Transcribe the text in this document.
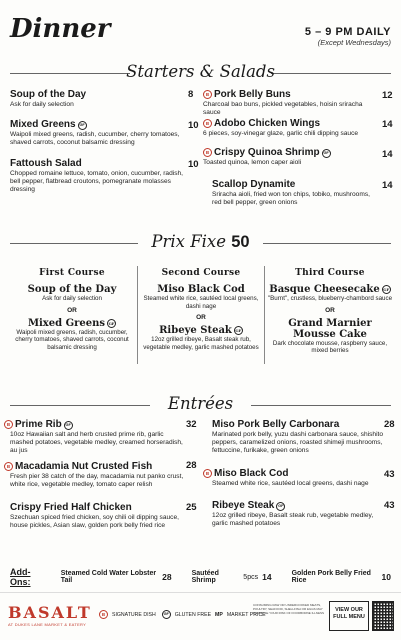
Dinner	5 – 9 PM DAILY
(Except Wednesdays)
Starters & Salads
Soup of the Day
Ask for daily selection
8
Mixed Greens GF
Waipoli mixed greens, radish, cucumber, cherry tomatoes, shaved carrots, coconut balsamic dressing
10
Fattoush Salad
Chopped romaine lettuce, tomato, onion, cucumber, radish, bell pepper, flatbread croutons, pomegranate molasses dressing
10
B Pork Belly Buns
Charcoal bao buns, pickled vegetables, hoisin sriracha sauce
12
B Adobo Chicken Wings
6 pieces, soy-vinegar glaze, garlic chili dipping sauce
14
B Crispy Quinoa Shrimp GF
Toasted quinoa, lemon caper aioli
14
Scallop Dynamite
Sriracha aioli, fried won ton chips, tobiko, mushrooms, red bell pepper, green onions
14
Prix Fixe 50
First Course
Soup of the Day
Ask for daily selection
OR
Mixed Greens GF
Waipoli mixed greens, radish, cucumber, cherry tomatoes, shaved carrots, coconut balsamic dressing
Second Course
Miso Black Cod
Steamed white rice, sautéed local greens, dashi nage
OR
Ribeye Steak GF
12oz grilled ribeye, Basalt steak rub, vegetable medley, garlic mashed potatoes
Third Course
Basque Cheesecake GF
"Burnt", crustless, blueberry-chambord sauce
OR
Grand Marnier Mousse Cake
Dark chocolate mousse, raspberry sauce, mixed berries
Entrées
B Prime Rib GF
10oz Hawaiian salt and herb crusted prime rib, garlic mashed potatoes, vegetable medley, creamed horseradish, au jus
32
B Macadamia Nut Crusted Fish
Fresh pier 38 catch of the day, macadamia nut panko crust, white rice, vegetable medley, tomato caper relish
28
Crispy Fried Half Chicken
Szechuan spiced fried chicken, soy chili oil dipping sauce, house pickles, Asian slaw, golden pork belly fried rice
25
Miso Pork Belly Carbonara
Marinated pork belly, yuzu dashi carbonara sauce, shishito peppers, caramelized onions, roasted shimeji mushrooms, fettuccine, furikake, green onions
28
B Miso Black Cod
Steamed white rice, sautéed local greens, dashi nage
43
Ribeye Steak GF
12oz grilled ribeye, Basalt steak rub, vegetable medley, garlic mashed potatoes
43
Add-Ons:
Steamed Cold Water Lobster Tail	28	Sautéed Shrimp	5pcs 14	Golden Pork Belly Fried Rice	10
BASALT
AT DUKES LANE MARKET & EATERY
B	SIGNATURE DISH	GF	GLUTEN FREE MP MARKET PRICE
CONSUMING RAW OR UNDERCOOKED MEATS, POULTRY, SEAFOOD, SHELLFISH OR EGGS MAY INCREASE YOUR RISK OF FOODBORNE ILLNESS	VIEW OUR FULL MENU
